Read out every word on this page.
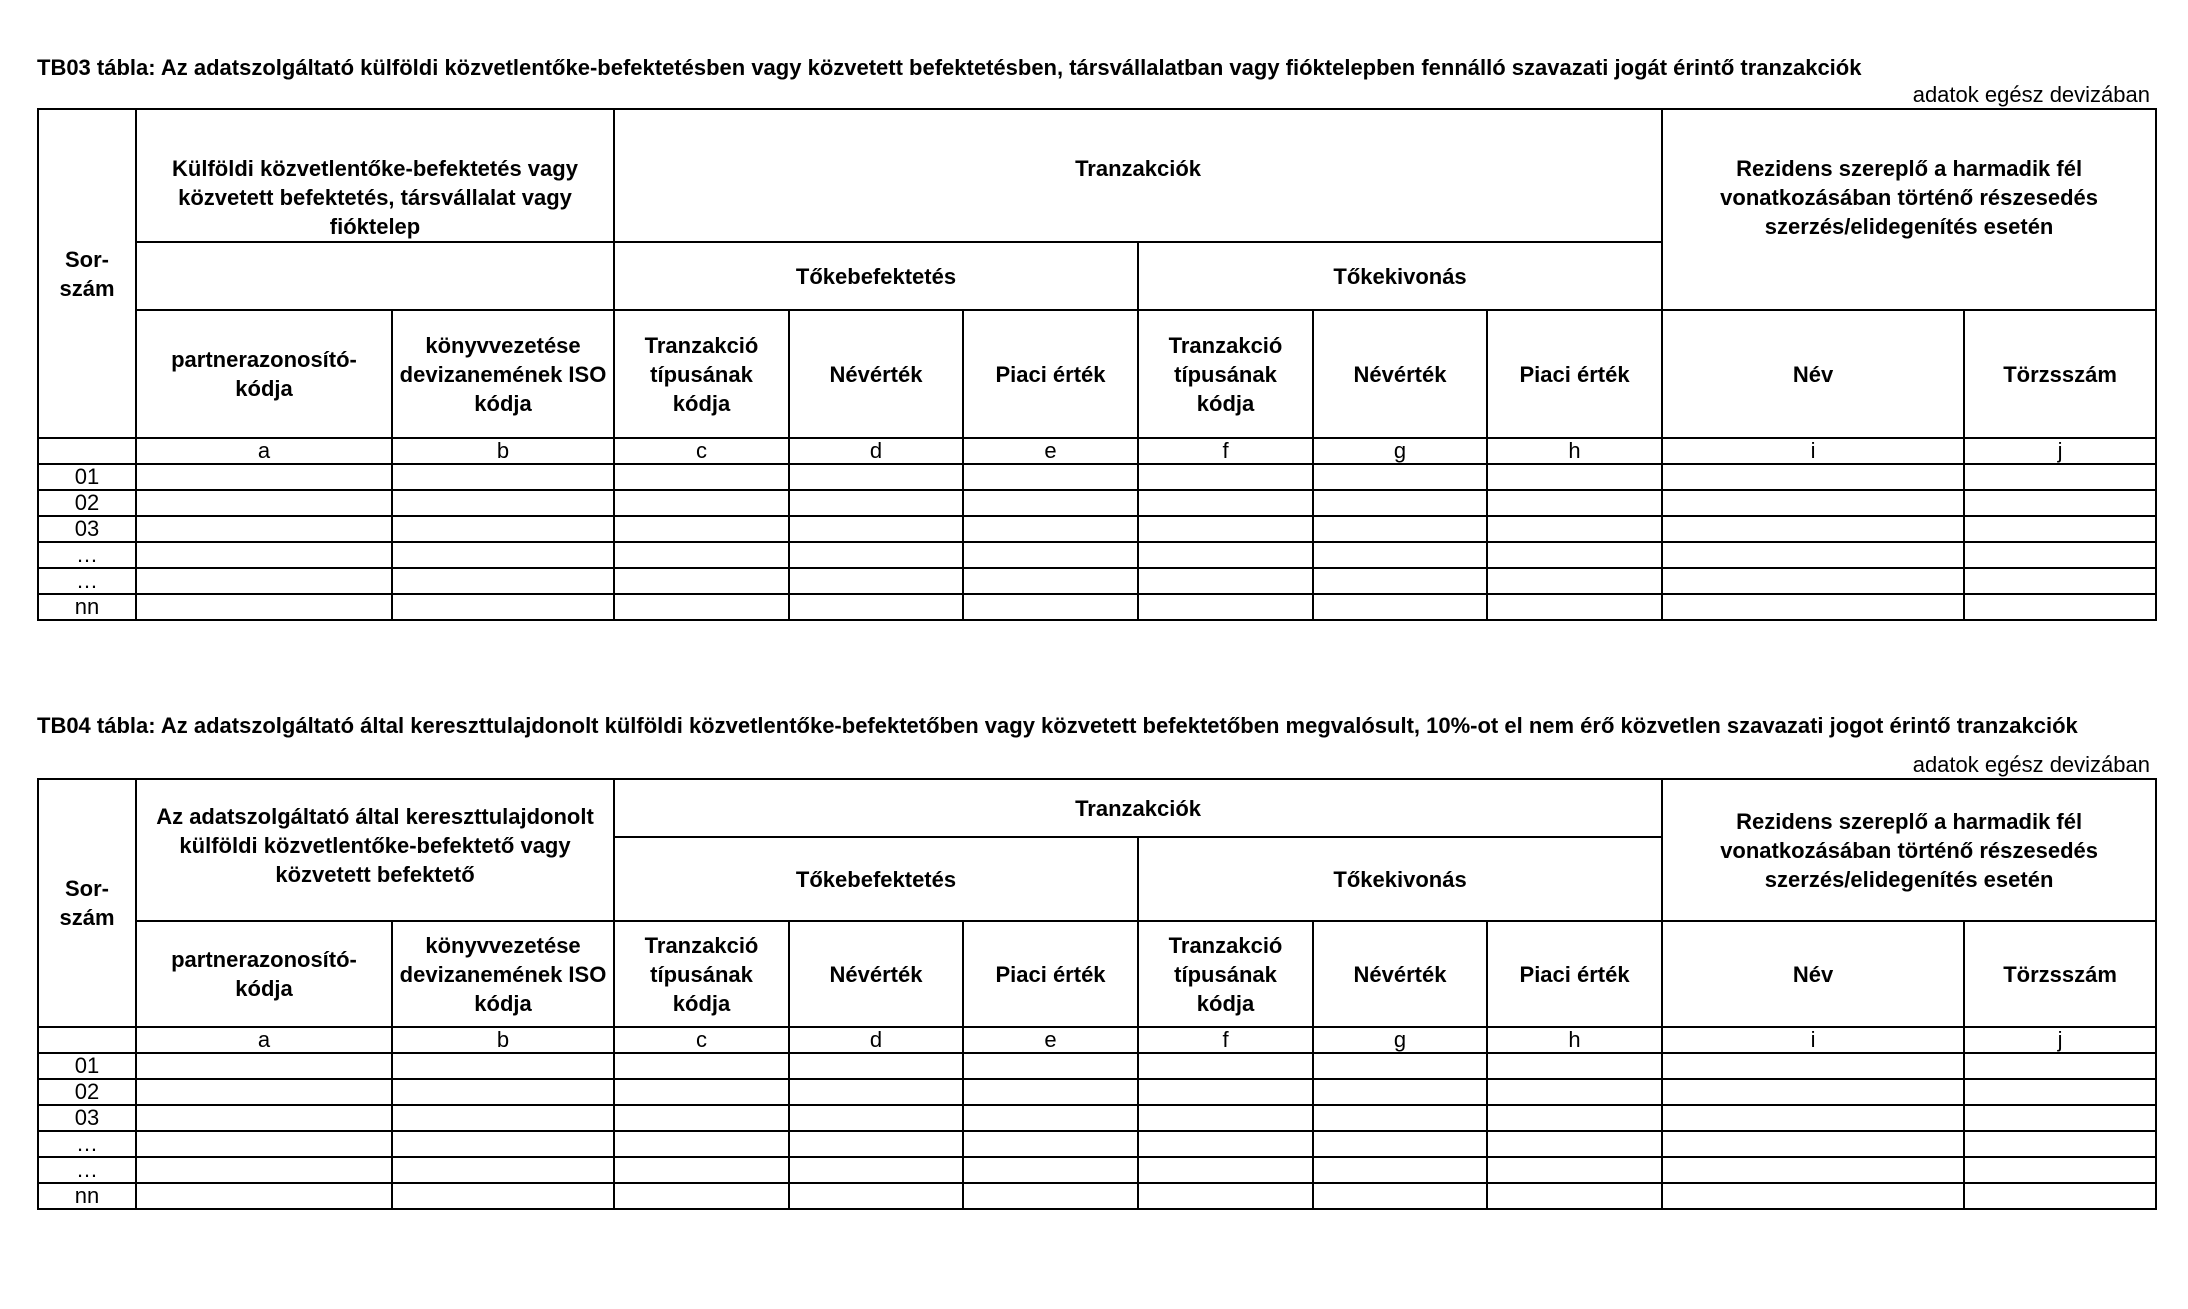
TB03 tábla: Az adatszolgáltató külföldi közvetlentőke-befektetésben vagy közvetett befektetésben, társvállalatban vagy fióktelepben fennálló szavazati jogát érintő tranzakciók
adatok egész devizában
Sor-szám	Külföldi közvetlentőke-befektetés vagy közvetett befektetés, társvállalat vagy fióktelep		Tranzakciók						Rezidens szereplő a harmadik fél vonatkozásában történő részesedés szerzés/elidegenítés esetén	
			Tőkebefektetés			Tőkekivonás				
	partnerazonosító-kódja	könyvvezetése devizanemének ISO kódja	Tranzakció típusának kódja	Névérték	Piaci érték	Tranzakció típusának kódja	Névérték	Piaci érték	Név	Törzsszám
	a	b	c	d	e	f	g	h	i	j
01										
02										
03										
…										
…										
nn										
TB04 tábla: Az adatszolgáltató által kereszttulajdonolt külföldi közvetlentőke-befektetőben vagy közvetett befektetőben megvalósult, 10%-ot el nem érő közvetlen szavazati jogot érintő tranzakciók
adatok egész devizában
Sor-szám	Az adatszolgáltató által kereszttulajdonolt külföldi közvetlentőke-befektető vagy közvetett befektető		Tranzakciók						Rezidens szereplő a harmadik fél vonatkozásában történő részesedés szerzés/elidegenítés esetén	
			Tőkebefektetés			Tőkekivonás				
	partnerazonosító-kódja	könyvvezetése devizanemének ISO kódja	Tranzakció típusának kódja	Névérték	Piaci érték	Tranzakció típusának kódja	Névérték	Piaci érték	Név	Törzsszám
	a	b	c	d	e	f	g	h	i	j
01										
02										
03										
…										
…										
nn										
